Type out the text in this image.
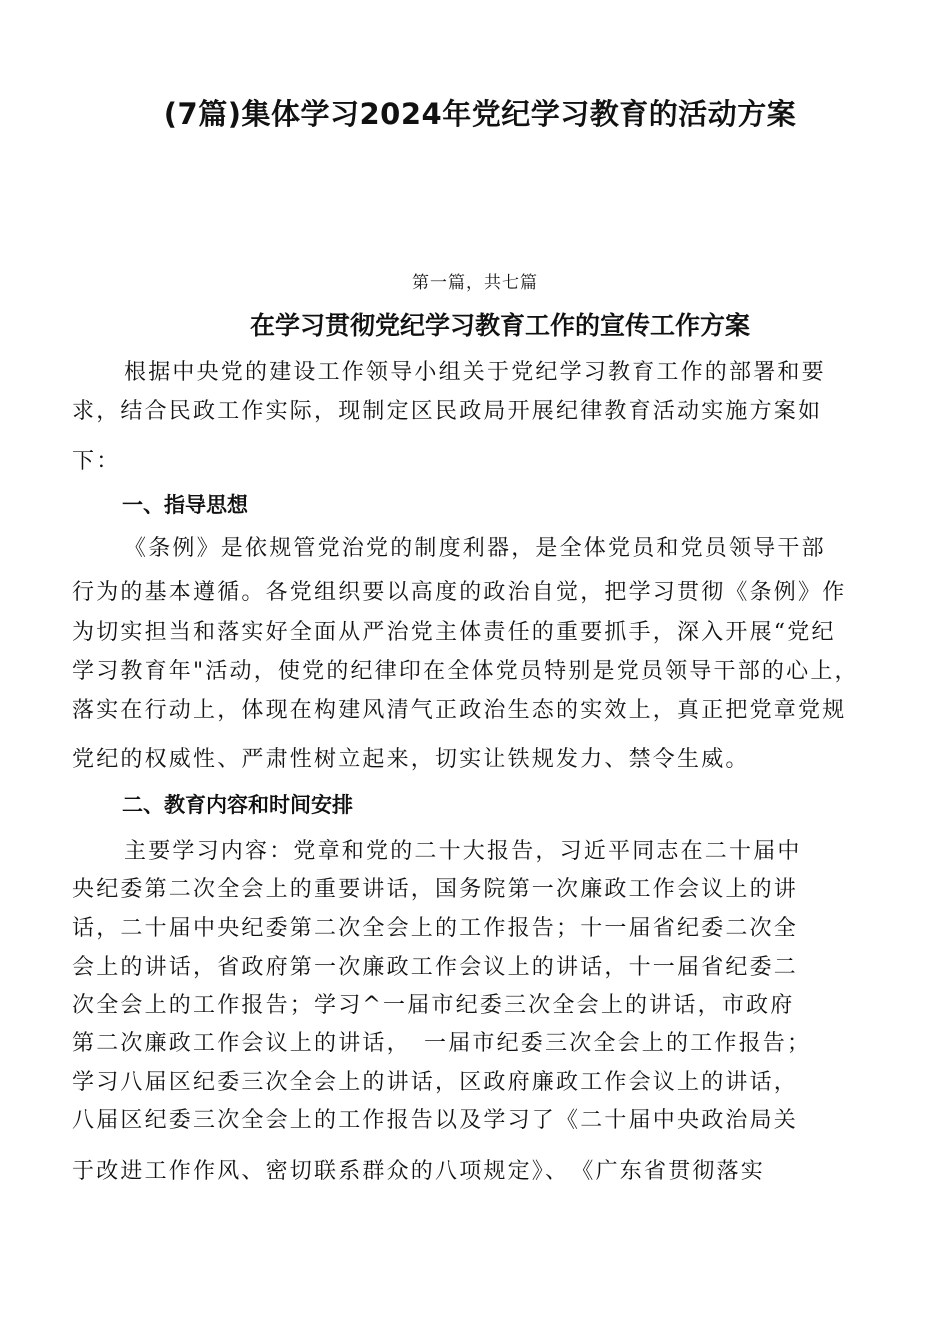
(7篇)集体学习2024年党纪学习教育的活动方案
第一篇，共七篇
在学习贯彻党纪学习教育工作的宣传工作方案
根据中央党的建设工作领导小组关于党纪学习教育工作的部署和要
求，结合民政工作实际，现制定区民政局开展纪律教育活动实施方案如
下：
一、指导思想
《条例》是依规管党治党的制度利器，是全体党员和党员领导干部
行为的基本遵循。各党组织要以高度的政治自觉，把学习贯彻《条例》作
为切实担当和落实好全面从严治党主体责任的重要抓手，深入开展“党纪
学习教育年"活动，使党的纪律印在全体党员特别是党员领导干部的心上，
落实在行动上，体现在构建风清气正政治生态的实效上，真正把党章党规
党纪的权威性、严肃性树立起来，切实让铁规发力、禁令生威。
二、教育内容和时间安排
主要学习内容：党章和党的二十大报告，习近平同志在二十届中
央纪委第二次全会上的重要讲话，国务院第一次廉政工作会议上的讲
话，二十届中央纪委第二次全会上的工作报告；十一届省纪委二次全
会上的讲话，省政府第一次廉政工作会议上的讲话，十一届省纪委二
次全会上的工作报告；学习^一届市纪委三次全会上的讲话，市政府
第二次廉政工作会议上的讲话，　一届市纪委三次全会上的工作报告；
学习八届区纪委三次全会上的讲话，区政府廉政工作会议上的讲话，
八届区纪委三次全会上的工作报告以及学习了《二十届中央政治局关
于改进工作作风、密切联系群众的八项规定》、　《广东省贯彻落实
